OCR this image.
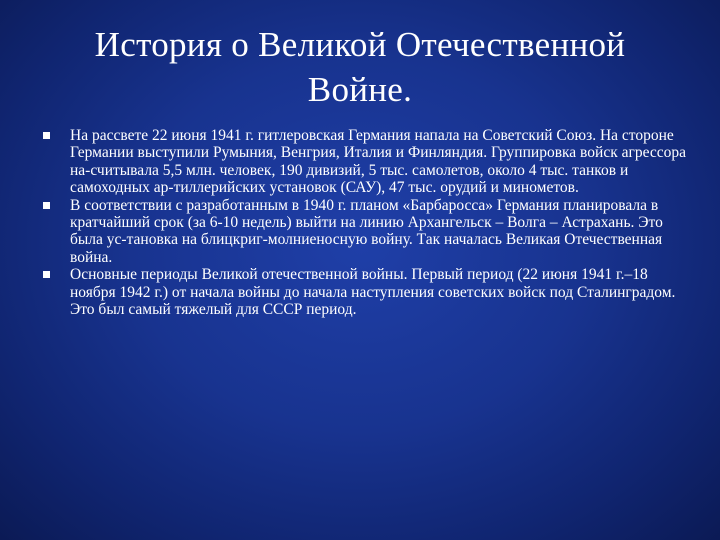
История о Великой Отечественной
Войне.
На рассвете 22 июня 1941 г. гитлеровская Германия напала на Советский Союз. На стороне Германии выступили Румыния, Венгрия, Италия и Финляндия. Группировка войск агрессора на-считывала 5,5 млн. человек, 190 дивизий, 5 тыс. самолетов, около 4 тыс. танков и самоходных ар-тиллерийских установок (САУ), 47 тыс. орудий и минометов.
В соответствии с разработанным в 1940 г. планом «Барбаросса» Германия планировала в кратчайший срок (за 6-10 недель) выйти на линию Архангельск – Волга – Астрахань. Это была ус-тановка на блицкриг-молниеносную войну. Так началась Великая Отечественная война.
Основные периоды Великой отечественной войны. Первый период (22 июня 1941 г.–18 ноября 1942 г.) от начала войны до начала наступления советских войск под Сталинградом. Это был самый тяжелый для СССР период.
